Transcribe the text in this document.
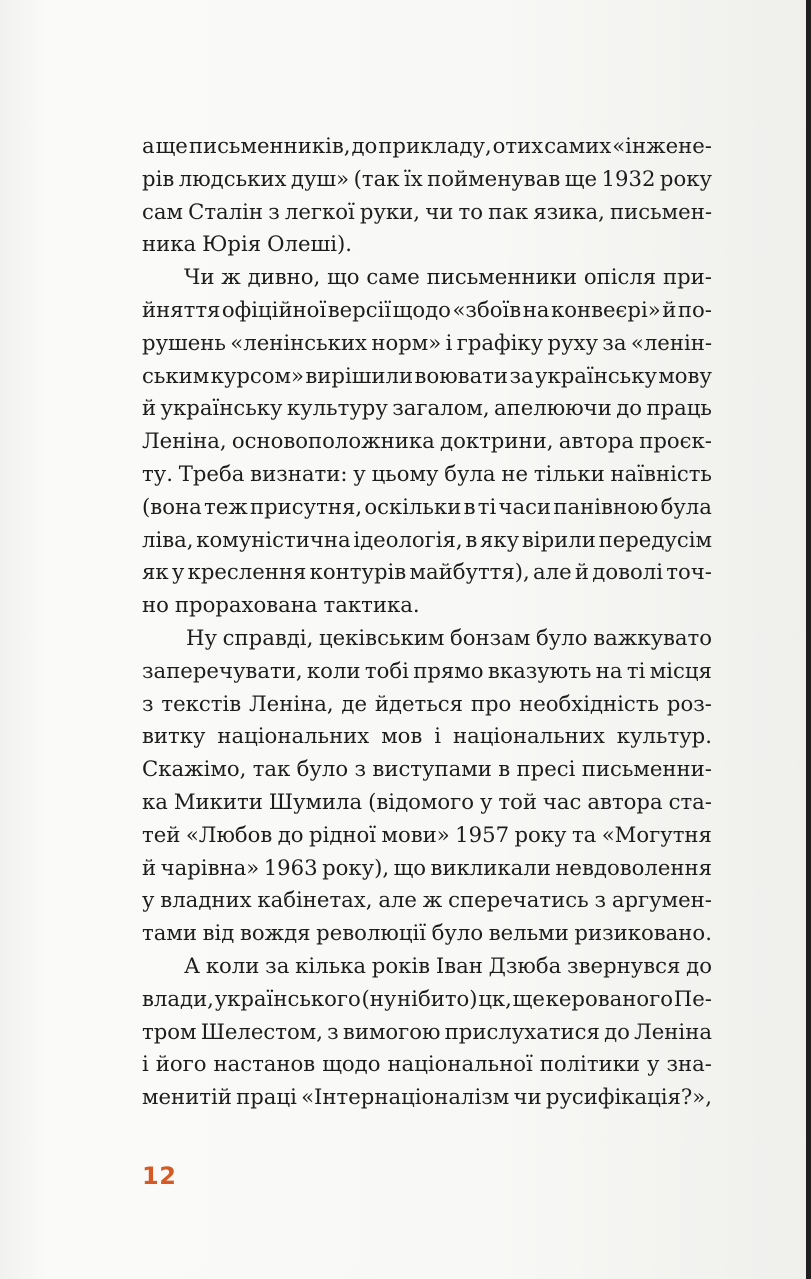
а ще письменників, до прикладу, отих самих «інжене-
рів людських душ» (так їх пойменував ще 1932 року
сам Сталін з легкої руки, чи то пак язика, письмен-
ника Юрія Олеші).
Чи ж дивно, що саме письменники опісля при-
йняття офіційної версії щодо «збоїв на конвеєрі» й по-
рушень «ленінських норм» і графіку руху за «ленін-
ським курсом» вирішили воювати за українську мову
й українську культуру загалом, апелюючи до праць
Леніна, основоположника доктрини, автора проєк-
ту. Треба визнати: у цьому була не тільки наївність
(вона теж присутня, оскільки в ті часи панівною була
ліва, комуністична ідеологія, в яку вірили передусім
як у креслення контурів майбуття), але й доволі точ-
но прорахована тактика.
Ну справді, цеківським бонзам було важкувато
заперечувати, коли тобі прямо вказують на ті місця
з текстів Леніна, де йдеться про необхідність роз-
витку національних мов і національних культур.
Скажімо, так було з виступами в пресі письменни-
ка Микити Шумила (відомого у той час автора ста-
тей «Любов до рідної мови» 1957 року та «Могутня
й чарівна» 1963 року), що викликали невдоволення
у владних кабінетах, але ж сперечатись з аргумен-
тами від вождя революції було вельми ризиковано.
А коли за кілька років Іван Дзюба звернувся до
влади, українського (ну нібито) цк, ще керованого Пе-
тром Шелестом, з вимогою прислухатися до Леніна
і його настанов щодо національної політики у зна-
менитій праці «Інтернаціоналізм чи русифікація?»,
12
